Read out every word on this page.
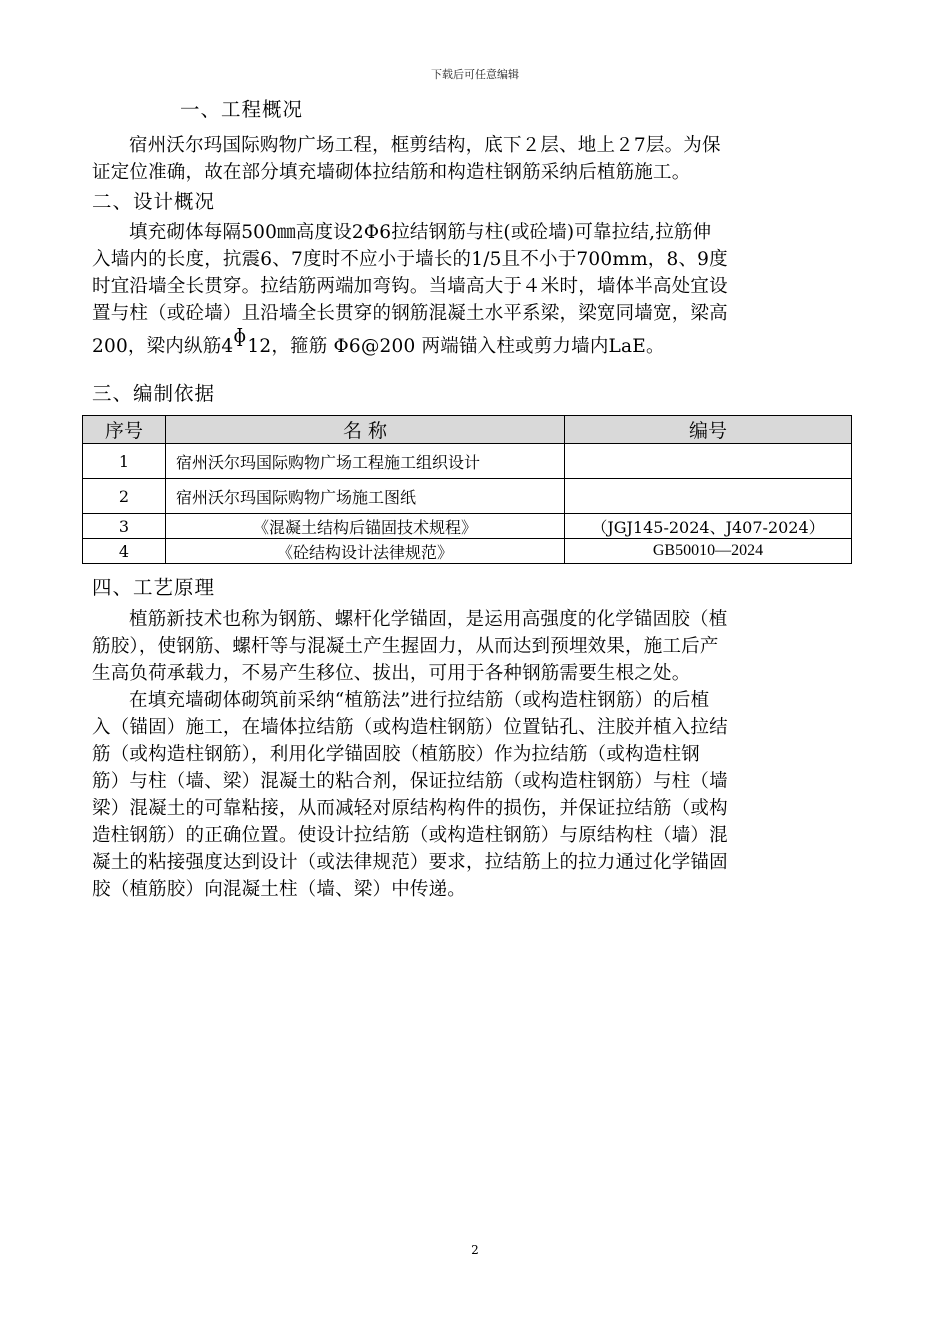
下载后可任意编辑
一、工程概况
宿州沃尔玛国际购物广场工程，框剪结构，底下２层、地上２7层。为保
证定位准确，故在部分填充墙砌体拉结筋和构造柱钢筋采纳后植筋施工。
二、设计概况
填充砌体每隔500㎜高度设2Φ6拉结钢筋与柱(或砼墙)可靠拉结,拉筋伸
入墙内的长度，抗震6、7度时不应小于墙长的1/5且不小于700mm，8、9度
时宜沿墙全长贯穿。拉结筋两端加弯钩。当墙高大于４米时，墙体半高处宜设
置与柱（或砼墙）且沿墙全长贯穿的钢筋混凝土水平系梁，梁宽同墙宽，梁高
200，梁内纵筋4ɸ12，箍筋 Φ6@200 两端锚入柱或剪力墙内LaE。
三、编制依据
序号	名 称	编号
1	宿州沃尔玛国际购物广场工程施工组织设计	
2	宿州沃尔玛国际购物广场施工图纸	
3	《混凝土结构后锚固技术规程》	（JGJ145-2024、J407-2024）
4	《砼结构设计法律规范》	GB50010—2024
四、工艺原理
植筋新技术也称为钢筋、螺杆化学锚固，是运用高强度的化学锚固胶（植
筋胶），使钢筋、螺杆等与混凝土产生握固力，从而达到预埋效果，施工后产
生高负荷承载力，不易产生移位、拔出，可用于各种钢筋需要生根之处。
在填充墙砌体砌筑前采纳“植筋法”进行拉结筋（或构造柱钢筋）的后植
入（锚固）施工，在墙体拉结筋（或构造柱钢筋）位置钻孔、注胶并植入拉结
筋（或构造柱钢筋），利用化学锚固胶（植筋胶）作为拉结筋（或构造柱钢
筋）与柱（墙、梁）混凝土的粘合剂，保证拉结筋（或构造柱钢筋）与柱（墙
梁）混凝土的可靠粘接，从而减轻对原结构构件的损伤，并保证拉结筋（或构
造柱钢筋）的正确位置。使设计拉结筋（或构造柱钢筋）与原结构柱（墙）混
凝土的粘接强度达到设计（或法律规范）要求，拉结筋上的拉力通过化学锚固
胶（植筋胶）向混凝土柱（墙、梁）中传递。
2
